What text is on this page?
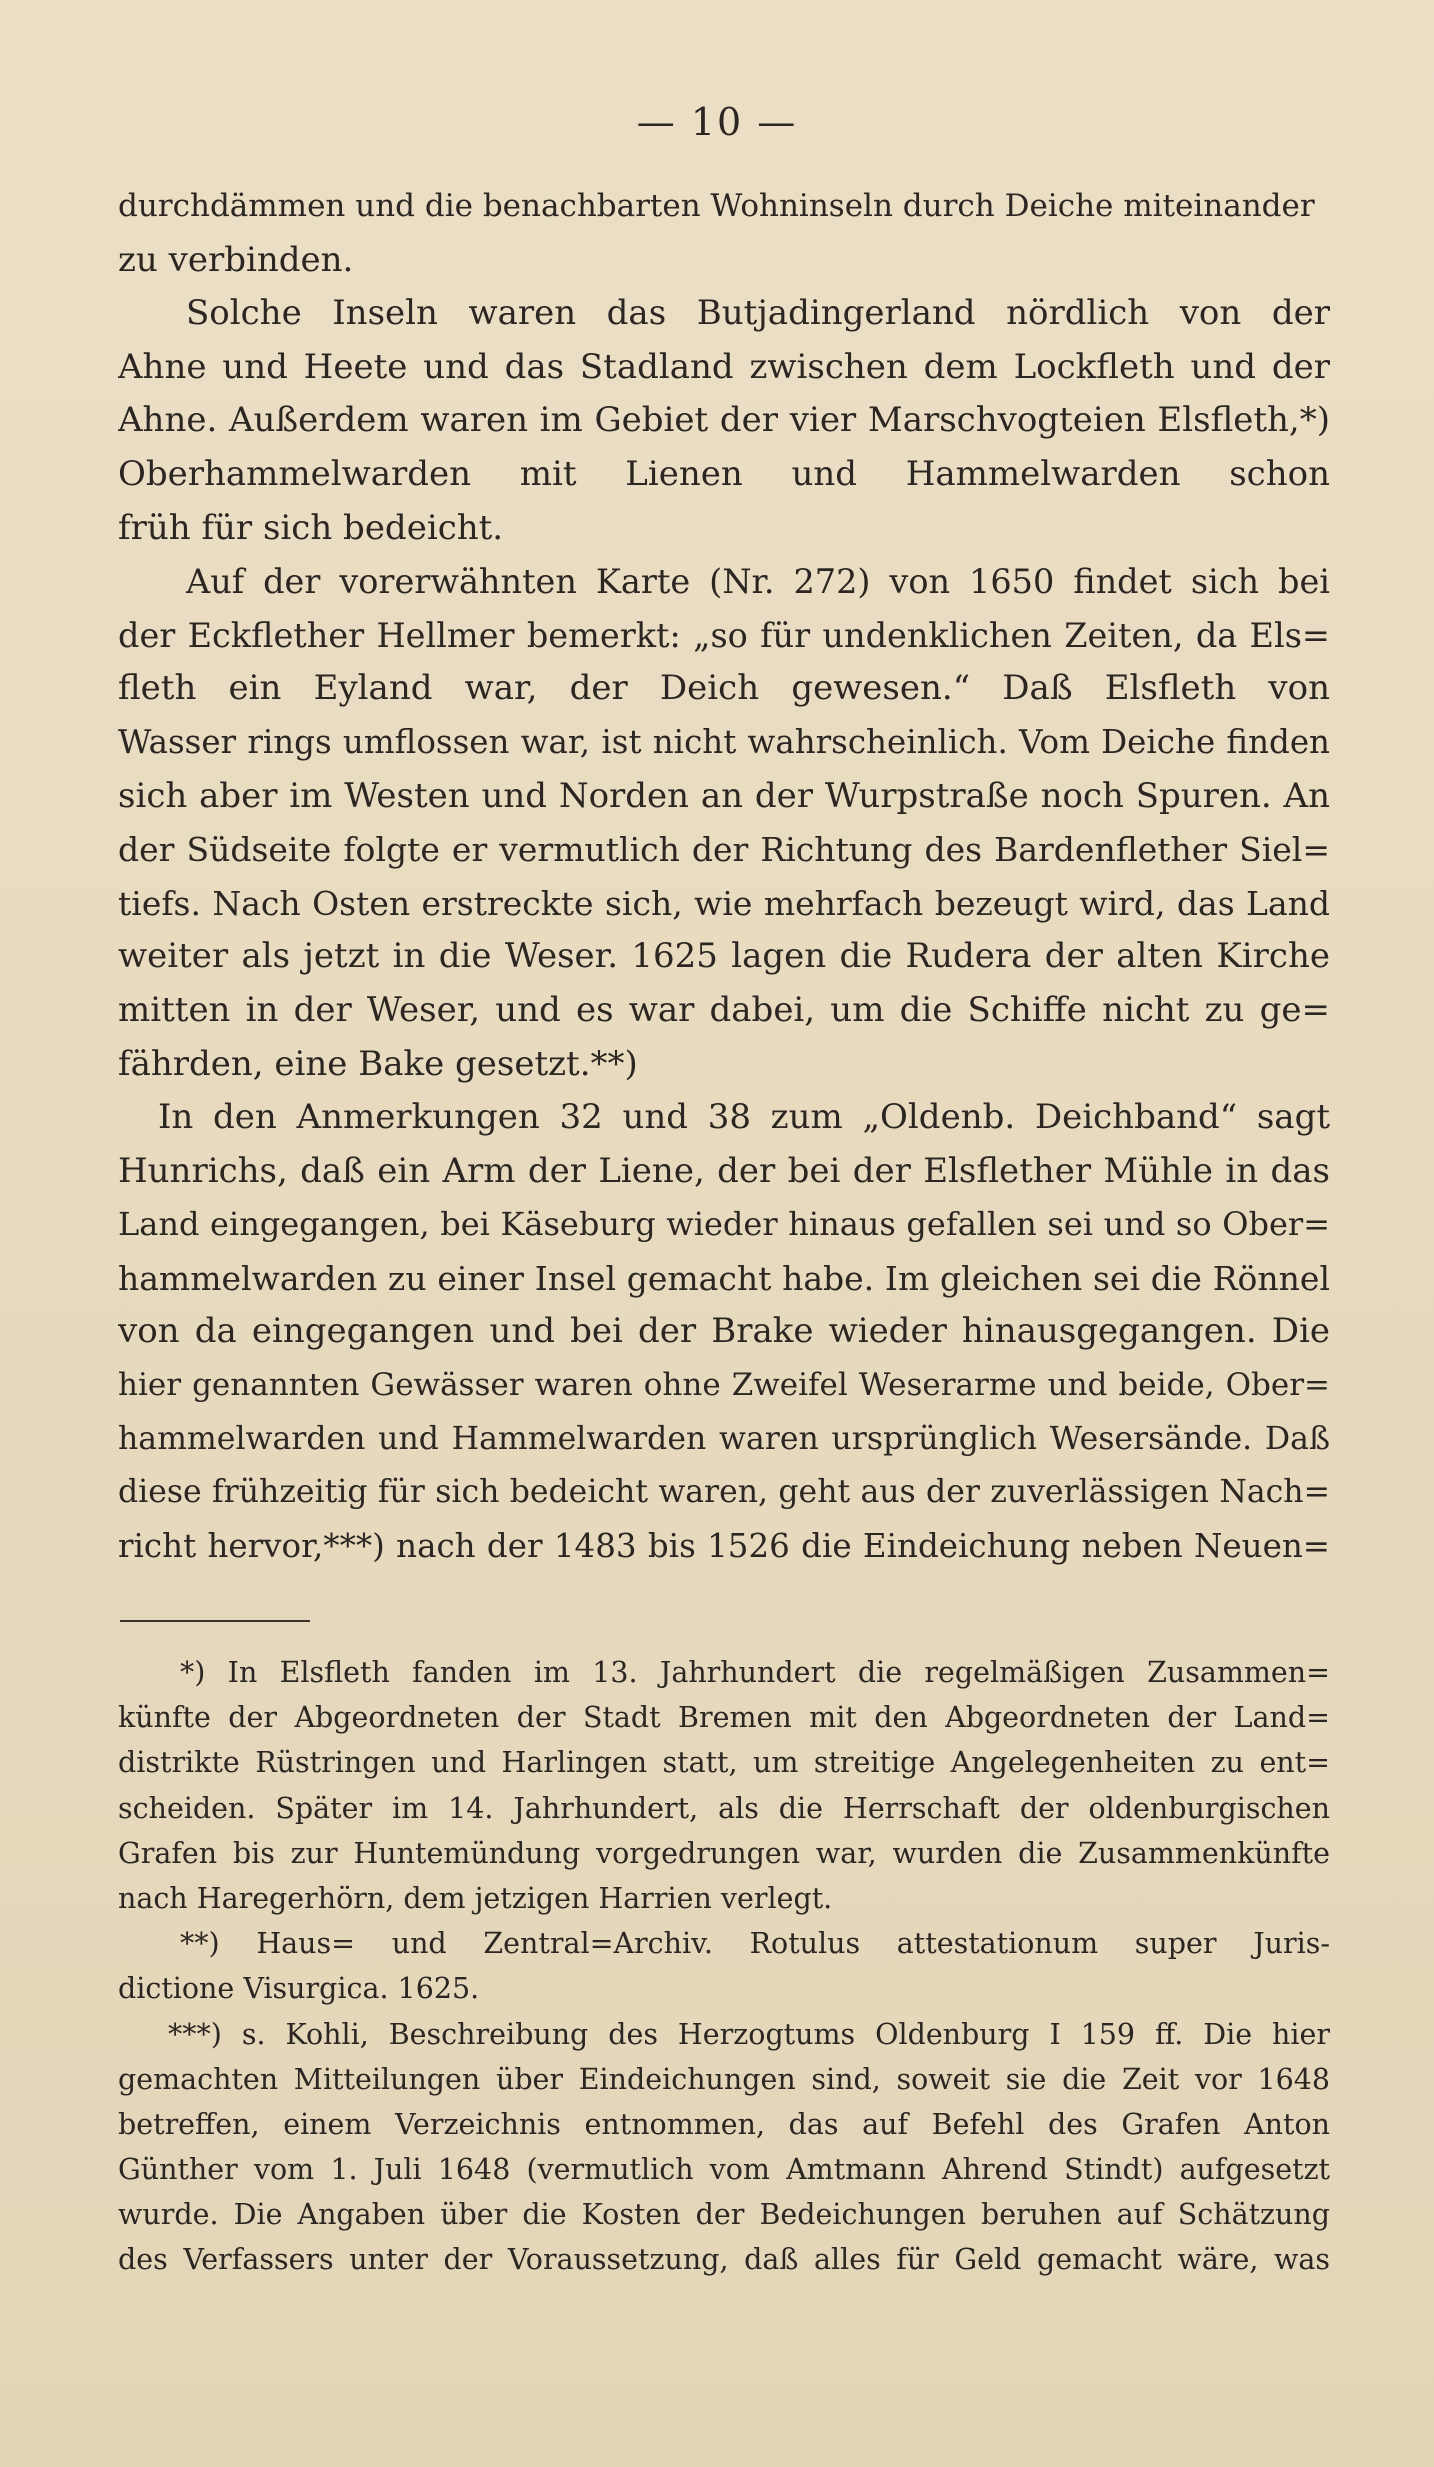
— 10 —
durchdämmen und die benachbarten Wohninseln durch Deiche miteinander
zu verbinden.
Solche Inseln waren das Butjadingerland nördlich von der
Ahne und Heete und das Stadland zwischen dem Lockfleth und der
Ahne. Außerdem waren im Gebiet der vier Marschvogteien Elsfleth,*)
Oberhammelwarden mit Lienen und Hammelwarden schon
früh für sich bedeicht.
Auf der vorerwähnten Karte (Nr. 272) von 1650 findet sich bei
der Eckflether Hellmer bemerkt: „so für undenklichen Zeiten, da Els=
fleth ein Eyland war, der Deich gewesen.“ Daß Elsfleth von
Wasser rings umflossen war, ist nicht wahrscheinlich. Vom Deiche finden
sich aber im Westen und Norden an der Wurpstraße noch Spuren. An
der Südseite folgte er vermutlich der Richtung des Bardenflether Siel=
tiefs. Nach Osten erstreckte sich, wie mehrfach bezeugt wird, das Land
weiter als jetzt in die Weser. 1625 lagen die Rudera der alten Kirche
mitten in der Weser, und es war dabei, um die Schiffe nicht zu ge=
fährden, eine Bake gesetzt.**)
In den Anmerkungen 32 und 38 zum „Oldenb. Deichband“ sagt
Hunrichs, daß ein Arm der Liene, der bei der Elsflether Mühle in das
Land eingegangen, bei Käseburg wieder hinaus gefallen sei und so Ober=
hammelwarden zu einer Insel gemacht habe. Im gleichen sei die Rönnel
von da eingegangen und bei der Brake wieder hinausgegangen. Die
hier genannten Gewässer waren ohne Zweifel Weserarme und beide, Ober=
hammelwarden und Hammelwarden waren ursprünglich Wesersände. Daß
diese frühzeitig für sich bedeicht waren, geht aus der zuverlässigen Nach=
richt hervor,***) nach der 1483 bis 1526 die Eindeichung neben Neuen=
*) In Elsfleth fanden im 13. Jahrhundert die regelmäßigen Zusammen=
künfte der Abgeordneten der Stadt Bremen mit den Abgeordneten der Land=
distrikte Rüstringen und Harlingen statt, um streitige Angelegenheiten zu ent=
scheiden. Später im 14. Jahrhundert, als die Herrschaft der oldenburgischen
Grafen bis zur Huntemündung vorgedrungen war, wurden die Zusammenkünfte
nach Haregerhörn, dem jetzigen Harrien verlegt.
**) Haus= und Zentral=Archiv. Rotulus attestationum super Juris-
dictione Visurgica. 1625.
***) s. Kohli, Beschreibung des Herzogtums Oldenburg I 159 ff. Die hier
gemachten Mitteilungen über Eindeichungen sind, soweit sie die Zeit vor 1648
betreffen, einem Verzeichnis entnommen, das auf Befehl des Grafen Anton
Günther vom 1. Juli 1648 (vermutlich vom Amtmann Ahrend Stindt) aufgesetzt
wurde. Die Angaben über die Kosten der Bedeichungen beruhen auf Schätzung
des Verfassers unter der Voraussetzung, daß alles für Geld gemacht wäre, was
